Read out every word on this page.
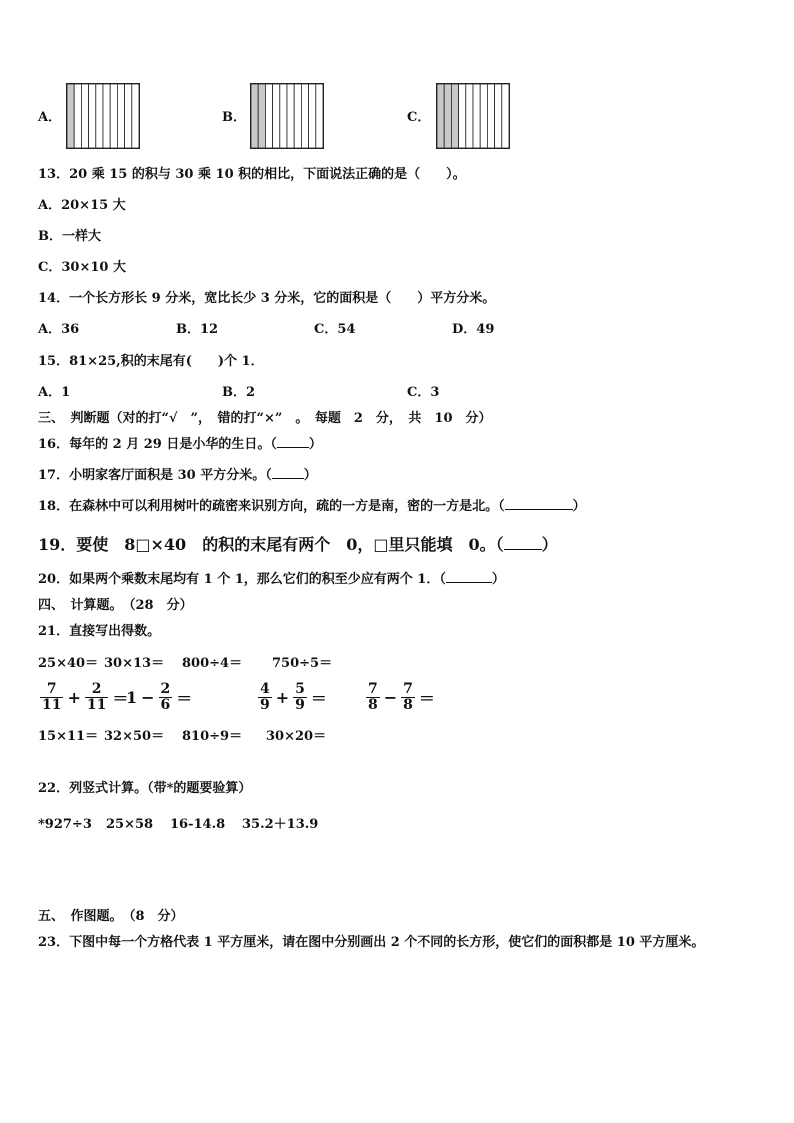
A．	B．	C．
13．20 乘 15 的积与 30 乘 10 积的相比，下面说法正确的是（　　）。
A．20×15 大
B．一样大
C．30×10 大
14．一个长方形长 9 分米，宽比长少 3 分米，它的面积是（　　）平方分米。
A．36	B．12	C．54	D．49
15．81×25,积的末尾有(　　)个 1．
A．1	B．2	C．3
三、　判断题（对的打“√　”，　错的打“×”　。　每题　2　分，　共　10　分）
16．每年的 2 月 29 日是小华的生日。（ ）
17．小明家客厅面积是 30 平方分米。（ ）
18．在森林中可以利用树叶的疏密来识别方向，疏的一方是南，密的一方是北。（	）
19．要使　8□×40　的积的末尾有两个　0，□里只能填　0。（ ）
20．如果两个乘数末尾均有 1 个 1，那么它们的积至少应有两个 1．（	）
四、　计算题。　（28　分）
21．直接写出得数。
25×40＝ 30×13＝ 800÷4＝ 750÷5＝
7
11 + 2
11 ＝
1 − 2
6 ＝	4
9 + 5
9 ＝	7
8 − 7
8 ＝
15×11＝ 32×50＝ 810÷9＝ 30×20＝
22．列竖式计算。（带*的题要验算）
*927÷3 25×58 16-14.8 35.2＋13.9
五、　作图题。　（8　分）
23．下图中每一个方格代表 1 平方厘米，请在图中分别画出 2 个不同的长方形，使它们的面积都是 10 平方厘米。
